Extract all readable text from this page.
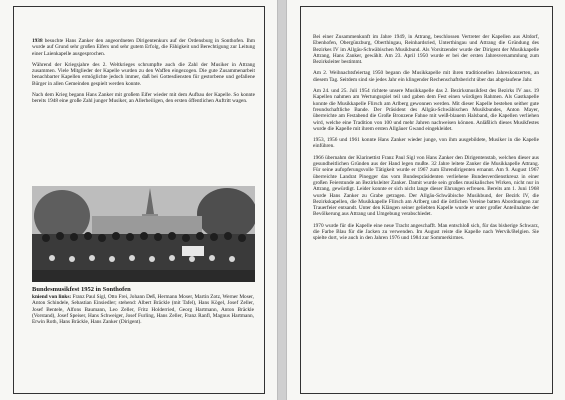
1938 besuchte Hans Zanker den angeordneten Dirigentenkurs auf der Ordensburg in Sonthofen. Ihm wurde auf Grund sehr großen Eifers und sehr gutem Erfolg, die Fähigkeit und Berechtigung zur Leitung einer Laienkapelle ausgesprochen.

Während der Kriegsjahre des 2. Weltkrieges schrumpfte auch die Zahl der Musiker in Attrang zusammen. Viele Mitglieder der Kapelle wurden zu den Waffen eingezogen. Die gute Zusammenarbeit benachbarter Kapellen ermöglichte jedoch immer, daß bei Gottesdiensten für gestorbene und gefallene Bürger in allen Gemeinden gespielt werden konnte.

Nach dem Krieg begann Hans Zanker mit großem Eifer wieder mit dem Aufbau der Kapelle. So konnte bereits 1948 eine große Zahl junger Musiker, an Allerheiligen, den ersten öffentlichen Auftritt wagen.

Bundesmusikfest 1952 in Sonthofen
kniend von links: Franz Paul Sigl, Otto Frei, Johann Deß, Hermann Moser, Martin Zotz, Werner Moser, Anton Schindele, Sebastian Einsiedler; stehend: Albert Bräckle (mit Tafel), Hans Kögel, Josef Zeller, Josef Bentele, Alfons Baumann, Leo Zeller, Fritz Holderried, Georg Hartmann, Anton Bräckle (Vorstand), Josef Speiser, Hans Schweiger, Josef Furling, Hans Zeller, Franz Ranfl, Magnus Hartmann, Erwin Roth, Hans Bräckle, Hans Zanker (Dirigent).

Bei einer Zusammenkunft im Jahre 1949, in Attrang, beschlossen Vertreter der Kapellen aus Altdorf, Ebenhofen, Obergünzburg, Oberthingau, Reinhardsried, Unterthingau und Attrang die Gründung des Bezirkes IV im Allgäu-Schwäbischen Musikbund. Als Vorsitzender wurde der Dirigent der Musikkapelle Attrang, Hans Zanker, gewählt. Am 23. April 1950 wurde er bei der ersten Jahresversammlung zum Bezirksleiter bestimmt.

Am 2. Weihnachtsfeiertag 1950 begann die Musikkapelle mit ihren traditionellen Jahreskonzerten, an diesem Tag. Seitdem sind sie jedes Jahr ein klingender Rechenschaftsbericht über das abgelaufene Jahr.

Am 24. und 25. Juli 1954 richtete unsere Musikkapelle das 2. Bezirksmusikfest des Bezirks IV aus. 19 Kapellen nahmen am Wertungsspiel teil und gaben dem Fest einen würdigen Rahmen. Als Gastkapelle konnte die Musikkapelle Flirsch am Arlberg gewonnen werden. Mit dieser Kapelle bestehen seither gute freundschaftliche Bande. Der Präsident des Allgäu-Schwäbischen Musikbundes, Anton Mayer, überreichte am Festabend die Große Bronzene Fahne mit weiß-blauem Halsband, die Kapellen verliehen wird, welche eine Tradition von 100 und mehr Jahren nachweisen können. Anläßlich dieses Musikfestes wurde die Kapelle mit ihrem ersten Allgäuer Gwand eingekleidet.

1953, 1956 und 1961 konnte Hans Zanker wieder junge, von ihm ausgebildete, Musiker in die Kapelle einführen.

1966 übernahm der Klarinettist Franz Paul Sigl von Hans Zanker den Dirigentenstab, welchen dieser aus gesundheitlichen Gründen aus der Hand legen mußte. 32 Jahre leitete Zanker die Musikkapelle Attrang. Für seine aufopferungsvolle Tätigkeit wurde er 1967 zum Ehrendirigenten ernannt. Am 9. August 1967 überreichte Landrat Pinegger das vom Bundespräsidenten verliehene Bundesverdienstkreuz in einer großen Feierstunde an Bezirksleiter Zanker. Damit wurde sein großes musikalisches Wirken, nicht nur in Attrang, gewürdigt. Leider konnte er sich nicht lange dieser Ehrungen erfreuen. Bereits am 1. Juni 1968 wurde Hans Zanker zu Grabe getragen. Der Allgäu-Schwäbische Musikbund, der Bezirk IV, die Bezirkskapellen, die Musikkapelle Flirsch am Arlberg und die örtlichen Vereine batten Abordnungen zur Trauerfeier entsandt. Unter den Klängen seiner geliebten Kapelle wurde er unter großer Anteilnahme der Bevölkerung aus Attrang und Umgebung verabschiedet.

1970 wurde für die Kapelle eine neue Tracht angeschafft. Man entschloß sich, für das bisherige Schwarz, die Farbe Blau für die Jacken zu verwenden. Im August reiste die Kapelle nach Wervik/Belgien. Sie spielte dort, wie auch in den Jahren 1976 und 1984 zur Sommerkirmes.
